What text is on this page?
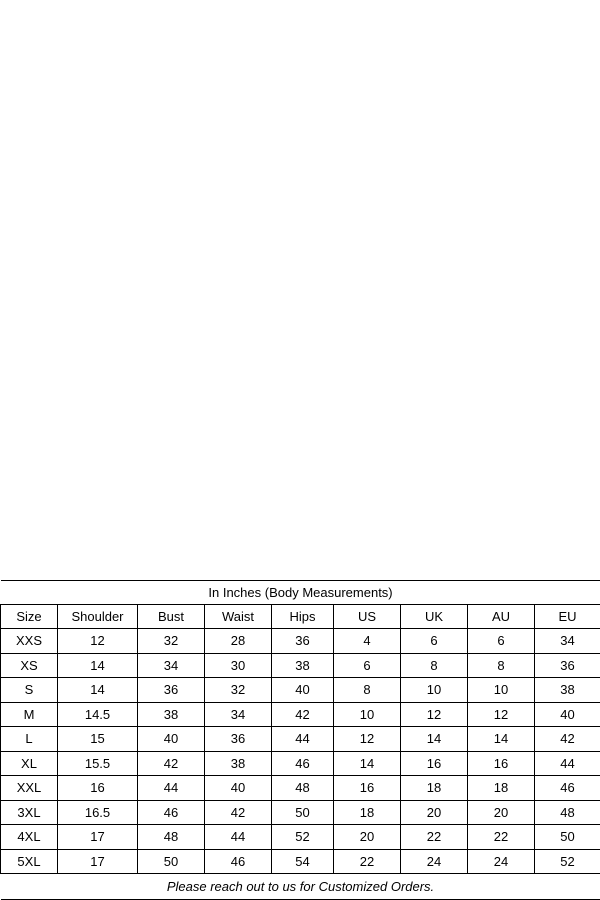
In Inches (Body Measurements)								
Size	Shoulder	Bust	Waist	Hips	US	UK	AU	EU
XXS	12	32	28	36	4	6	6	34
XS	14	34	30	38	6	8	8	36
S	14	36	32	40	8	10	10	38
M	14.5	38	34	42	10	12	12	40
L	15	40	36	44	12	14	14	42
XL	15.5	42	38	46	14	16	16	44
XXL	16	44	40	48	16	18	18	46
3XL	16.5	46	42	50	18	20	20	48
4XL	17	48	44	52	20	22	22	50
5XL	17	50	46	54	22	24	24	52
Please reach out to us for Customized Orders.								
